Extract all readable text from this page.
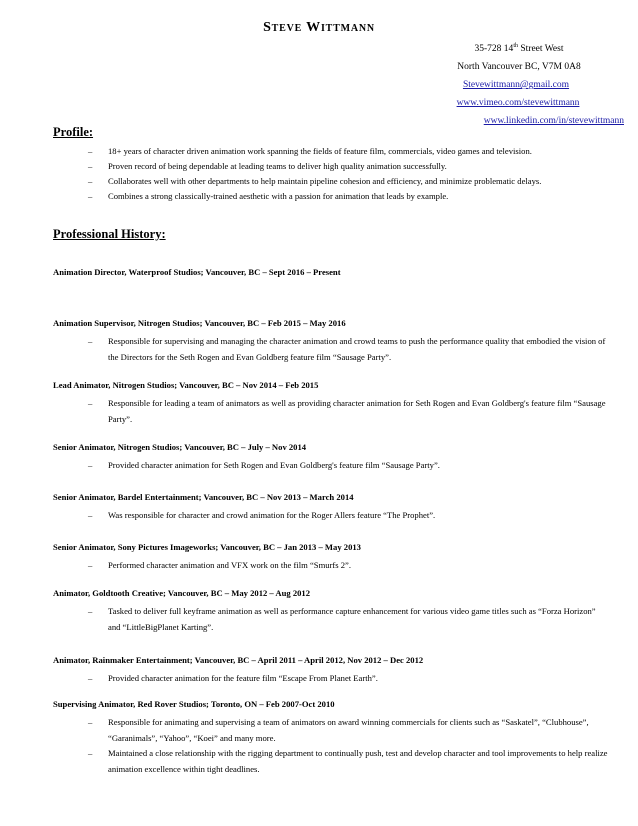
Steve Wittmann
35-728 14th Street West
North Vancouver BC, V7M 0A8
Stevewittmann@gmail.com
www.vimeo.com/stevewittmann
www.linkedin.com/in/stevewittmann
Profile:
– 18+ years of character driven animation work spanning the fields of feature film, commercials, video games and television.
– Proven record of being dependable at leading teams to deliver high quality animation successfully.
– Collaborates well with other departments to help maintain pipeline cohesion and efficiency, and minimize problematic delays.
– Combines a strong classically-trained aesthetic with a passion for animation that leads by example.
Professional History:
Animation Director, Waterproof Studios; Vancouver, BC – Sept 2016 – Present
Animation Supervisor, Nitrogen Studios; Vancouver, BC – Feb 2015 – May 2016
– Responsible for supervising and managing the character animation and crowd teams to push the performance quality that embodied the vision of the Directors for the Seth Rogen and Evan Goldberg feature film “Sausage Party”.
Lead Animator, Nitrogen Studios; Vancouver, BC – Nov 2014 – Feb 2015
– Responsible for leading a team of animators as well as providing character animation for Seth Rogen and Evan Goldberg's feature film “Sausage Party”.
Senior Animator, Nitrogen Studios; Vancouver, BC – July – Nov 2014
– Provided character animation for Seth Rogen and Evan Goldberg's feature film “Sausage Party”.
Senior Animator, Bardel Entertainment; Vancouver, BC – Nov 2013 – March 2014
– Was responsible for character and crowd animation for the Roger Allers feature “The Prophet”.
Senior Animator, Sony Pictures Imageworks; Vancouver, BC – Jan 2013 – May 2013
– Performed character animation and VFX work on the film “Smurfs 2”.
Animator, Goldtooth Creative; Vancouver, BC – May 2012 – Aug 2012
– Tasked to deliver full keyframe animation as well as performance capture enhancement for various video game titles such as “Forza Horizon” and “LittleBigPlanet Karting”.
Animator, Rainmaker Entertainment; Vancouver, BC – April 2011 – April 2012, Nov 2012 – Dec 2012
– Provided character animation for the feature film “Escape From Planet Earth”.
Supervising Animator, Red Rover Studios; Toronto, ON – Feb 2007-Oct 2010
– Responsible for animating and supervising a team of animators on award winning commercials for clients such as “Saskatel”, “Clubhouse”, “Garanimals”, “Yahoo”, “Koei” and many more.
– Maintained a close relationship with the rigging department to continually push, test and develop character and tool improvements to help realize animation excellence within tight deadlines.
